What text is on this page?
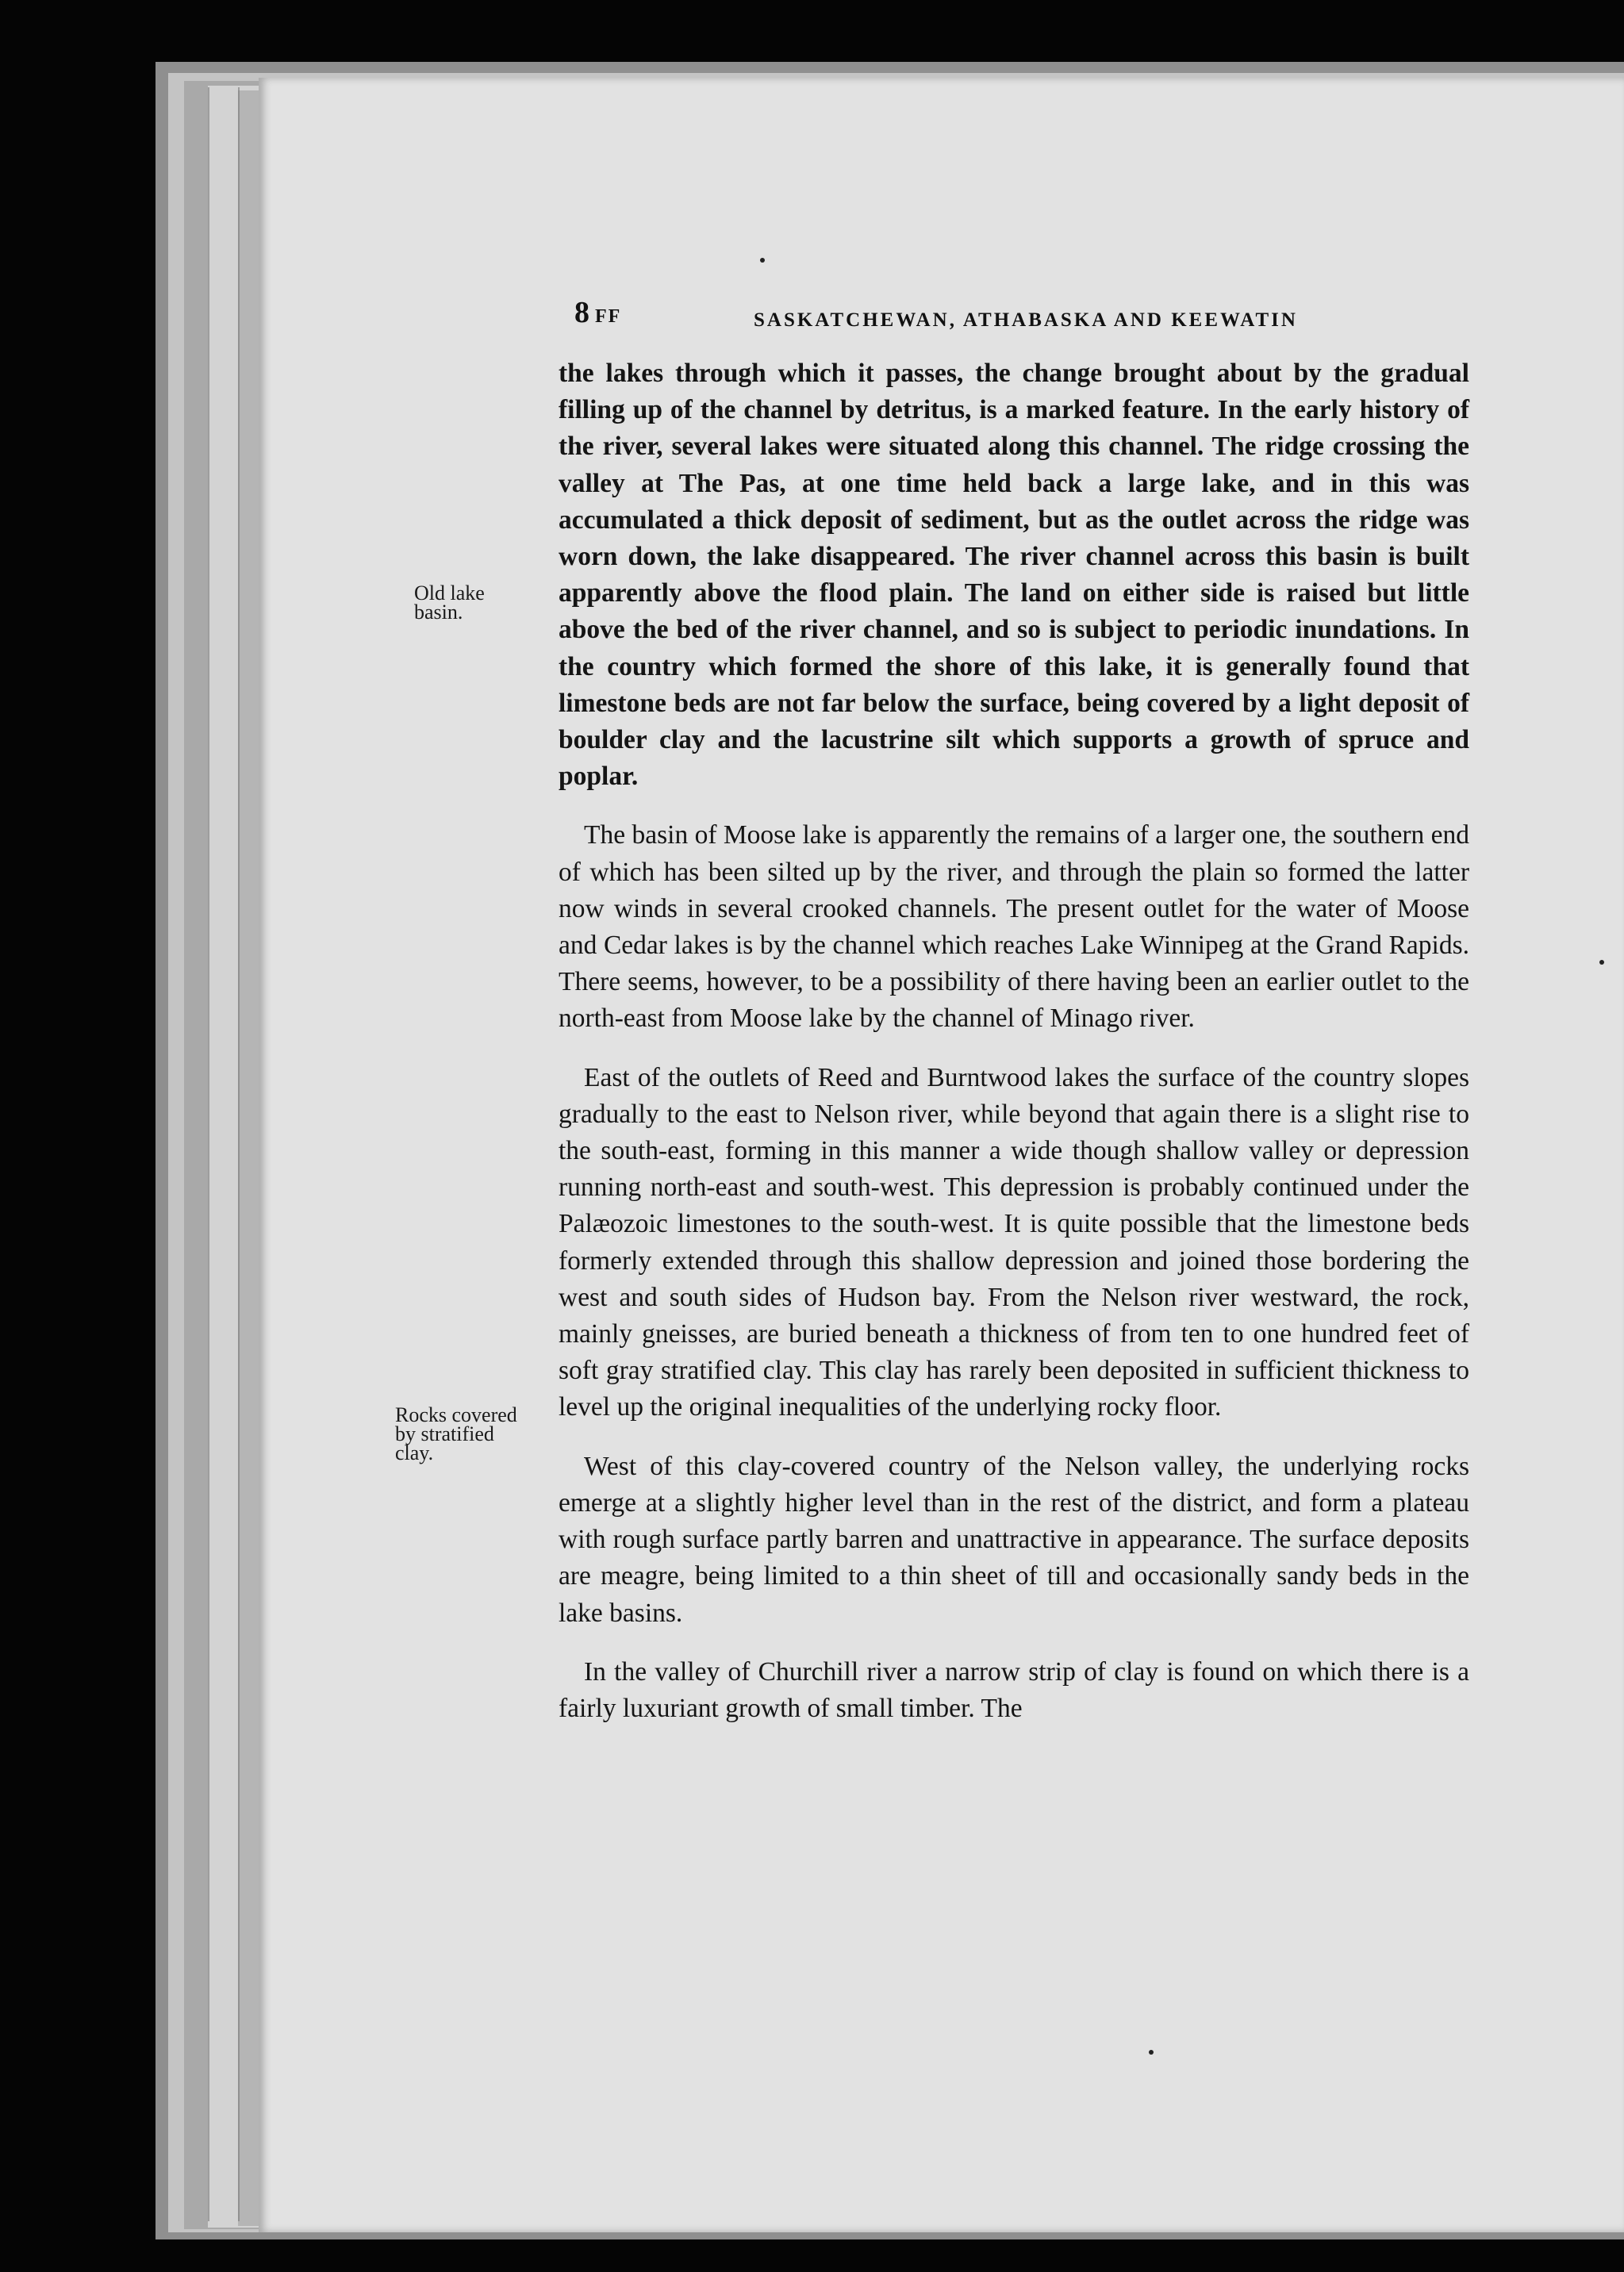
8 FF	SASKATCHEWAN, ATHABASKA AND KEEWATIN
Old lake
basin.
Rocks covered
by stratified
clay.

the lakes through which it passes, the change brought about by the gradual filling up of the channel by detritus, is a marked feature. In the early history of the river, several lakes were situated along this channel. The ridge crossing the valley at The Pas, at one time held back a large lake, and in this was accumulated a thick deposit of sediment, but as the outlet across the ridge was worn down, the lake disappeared. The river channel across this basin is built apparently above the flood plain. The land on either side is raised but little above the bed of the river channel, and so is subject to periodic inundations. In the country which formed the shore of this lake, it is generally found that limestone beds are not far below the surface, being covered by a light deposit of boulder clay and the lacustrine silt which supports a growth of spruce and poplar.

The basin of Moose lake is apparently the remains of a larger one, the southern end of which has been silted up by the river, and through the plain so formed the latter now winds in several crooked channels. The present outlet for the water of Moose and Cedar lakes is by the channel which reaches Lake Winnipeg at the Grand Rapids. There seems, however, to be a possibility of there having been an earlier outlet to the north-east from Moose lake by the channel of Minago river.

East of the outlets of Reed and Burntwood lakes the surface of the country slopes gradually to the east to Nelson river, while beyond that again there is a slight rise to the south-east, forming in this manner a wide though shallow valley or depression running north-east and south-west. This depression is probably continued under the Palæozoic limestones to the south-west. It is quite possible that the limestone beds formerly extended through this shallow depression and joined those bordering the west and south sides of Hudson bay. From the Nelson river westward, the rock, mainly gneisses, are buried beneath a thickness of from ten to one hundred feet of soft gray stratified clay. This clay has rarely been deposited in sufficient thickness to level up the original inequalities of the underlying rocky floor.

West of this clay-covered country of the Nelson valley, the underlying rocks emerge at a slightly higher level than in the rest of the district, and form a plateau with rough surface partly barren and unattractive in appearance. The surface deposits are meagre, being limited to a thin sheet of till and occasionally sandy beds in the lake basins.

In the valley of Churchill river a narrow strip of clay is found on which there is a fairly luxuriant growth of small timber. The
